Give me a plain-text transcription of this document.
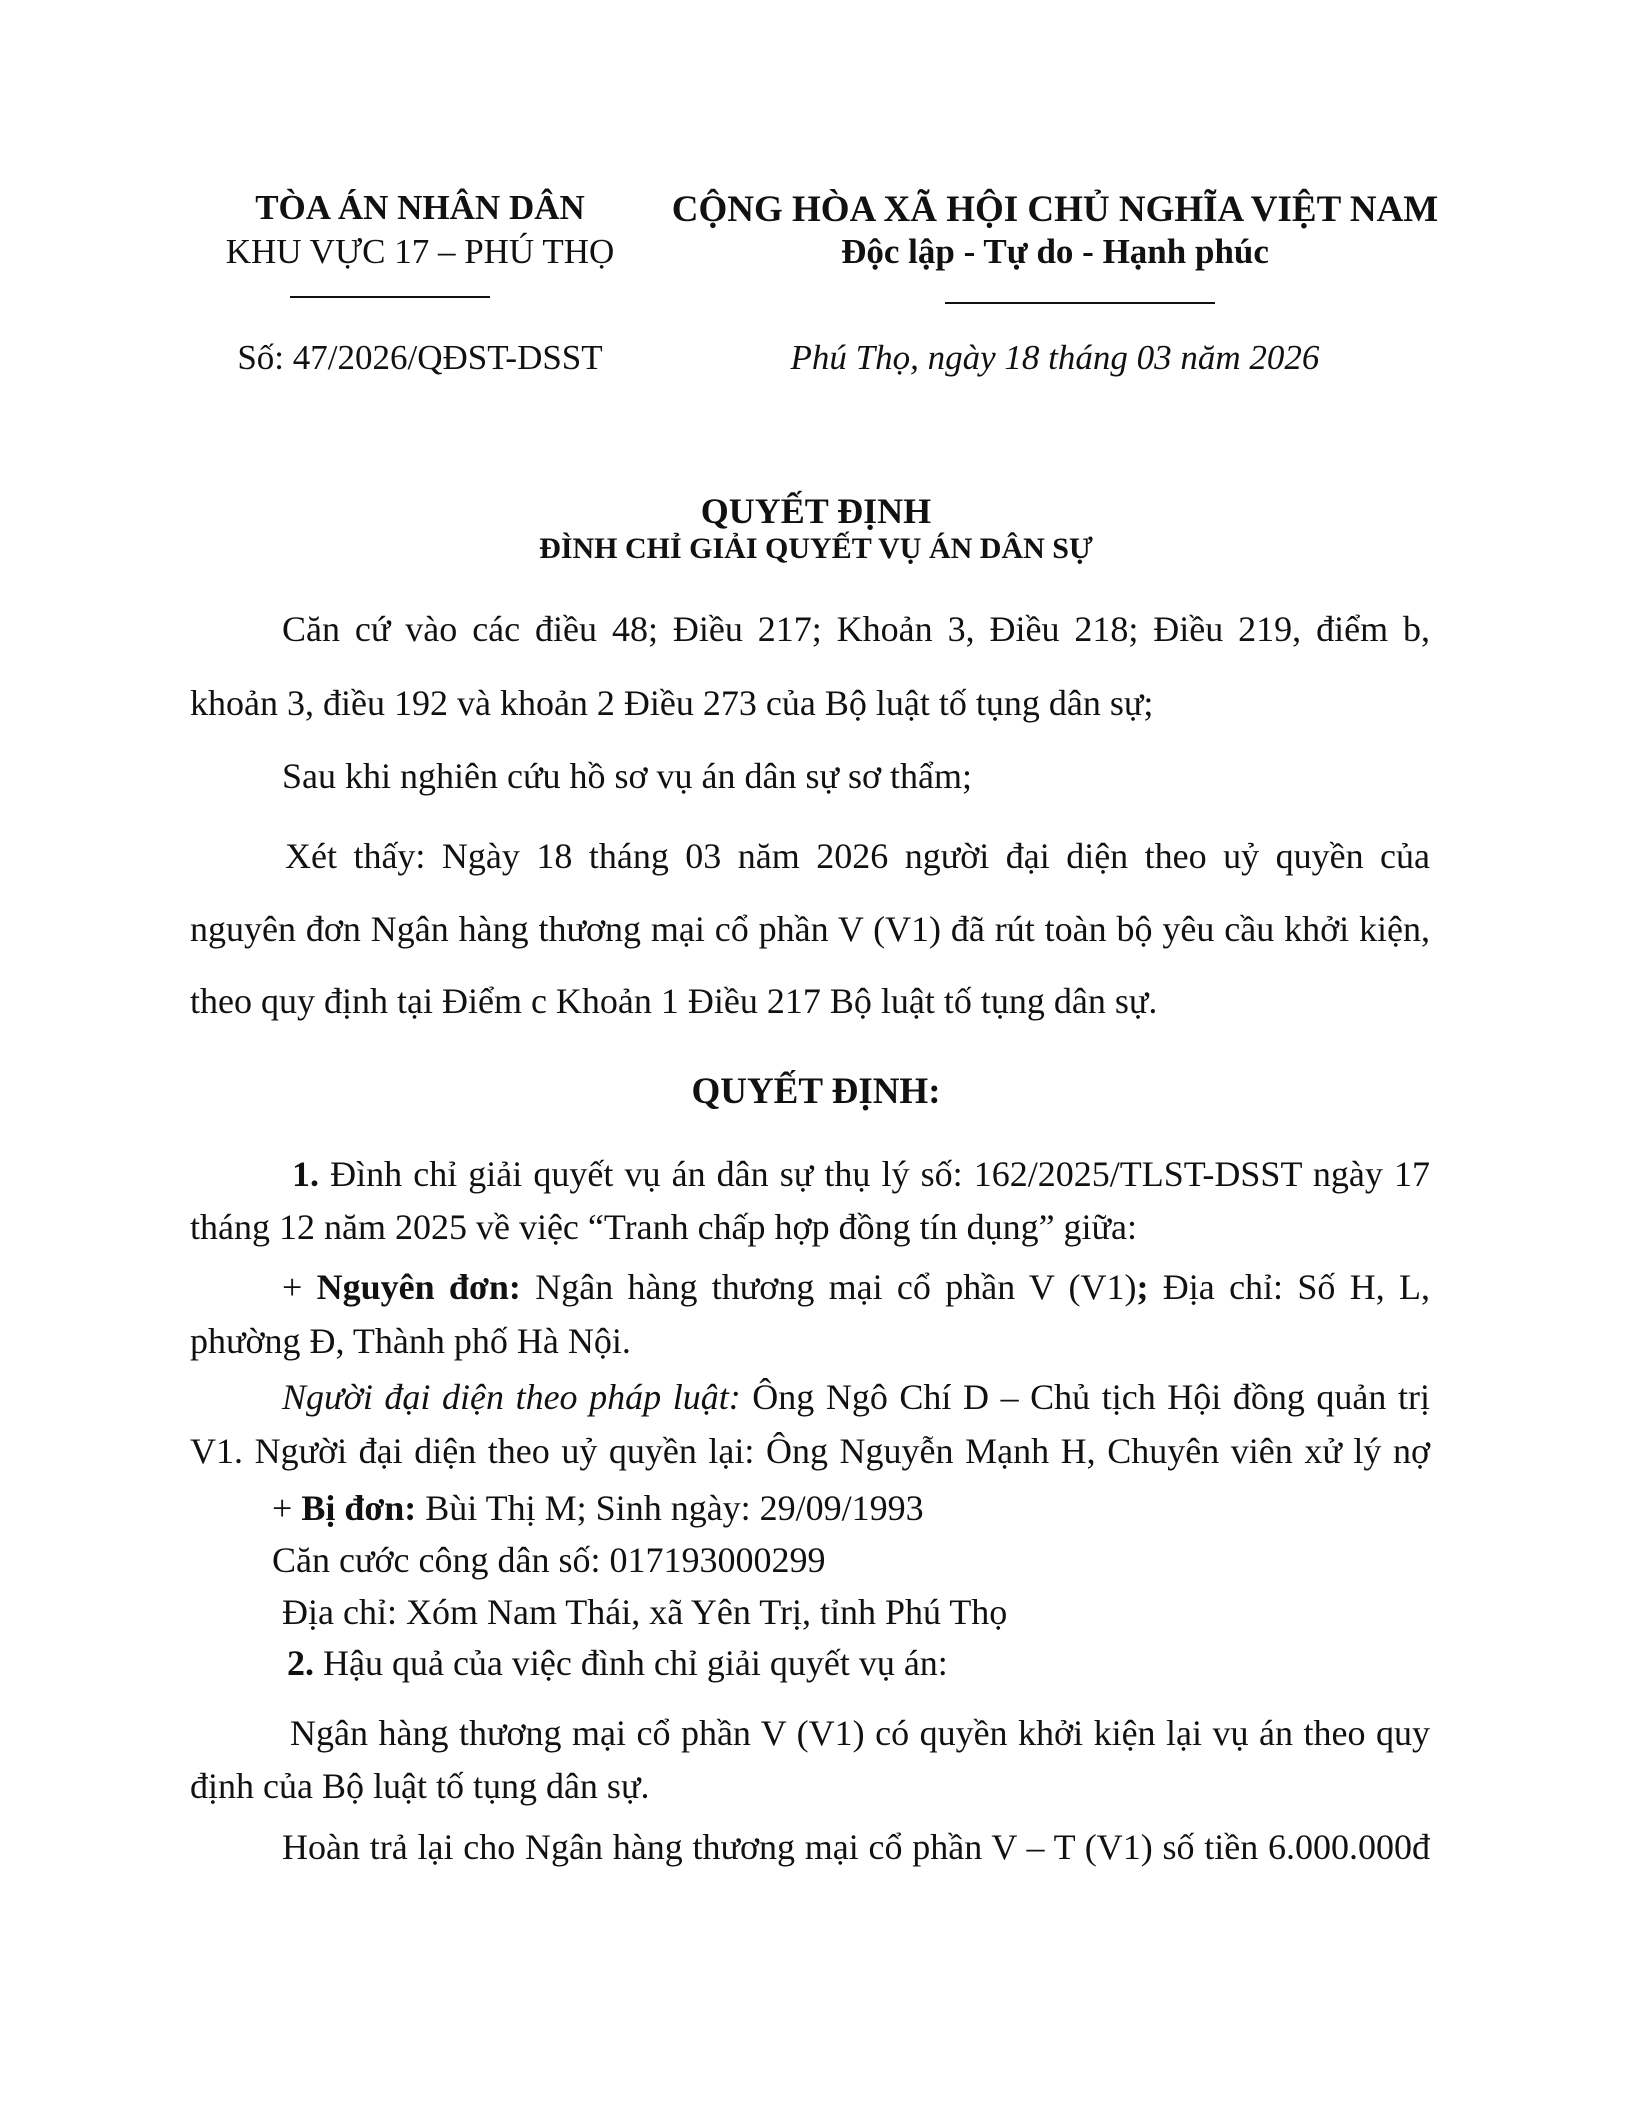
TÒA ÁN NHÂN DÂN
KHU VỰC 17 – PHÚ THỌ
Số: 47/2026/QĐST-DSST
CỘNG HÒA XÃ HỘI CHỦ NGHĨA VIỆT NAM
Độc lập - Tự do - Hạnh phúc
Phú Thọ, ngày 18 tháng 03 năm 2026
QUYẾT ĐỊNH
ĐÌNH CHỈ GIẢI QUYẾT VỤ ÁN DÂN SỰ
Căn cứ vào các điều 48; Điều 217; Khoản 3, Điều 218; Điều 219, điểm b,
khoản 3, điều 192 và khoản 2 Điều 273 của Bộ luật tố tụng dân sự;
Sau khi nghiên cứu hồ sơ vụ án dân sự sơ thẩm;
Xét thấy: Ngày 18 tháng 03 năm 2026 người đại diện theo uỷ quyền của
nguyên đơn Ngân hàng thương mại cổ phần V (V1) đã rút toàn bộ yêu cầu khởi kiện,
theo quy định tại Điểm c Khoản 1 Điều 217 Bộ luật tố tụng dân sự.
QUYẾT ĐỊNH:
1. Đình chỉ giải quyết vụ án dân sự thụ lý số: 162/2025/TLST-DSST ngày 17
tháng 12 năm 2025 về việc “Tranh chấp hợp đồng tín dụng” giữa:
+ Nguyên đơn: Ngân hàng thương mại cổ phần V (V1); Địa chỉ: Số H, L,
phường Đ, Thành phố Hà Nội.
Người đại diện theo pháp luật: Ông Ngô Chí D – Chủ tịch Hội đồng quản trị
V1. Người đại diện theo uỷ quyền lại: Ông Nguyễn Mạnh H, Chuyên viên xử lý nợ
+ Bị đơn: Bùi Thị M; Sinh ngày: 29/09/1993
Căn cước công dân số: 017193000299
Địa chỉ: Xóm Nam Thái, xã Yên Trị, tỉnh Phú Thọ
2. Hậu quả của việc đình chỉ giải quyết vụ án:
Ngân hàng thương mại cổ phần V (V1) có quyền khởi kiện lại vụ án theo quy
định của Bộ luật tố tụng dân sự.
Hoàn trả lại cho Ngân hàng thương mại cổ phần V – T (V1) số tiền 6.000.000đ
